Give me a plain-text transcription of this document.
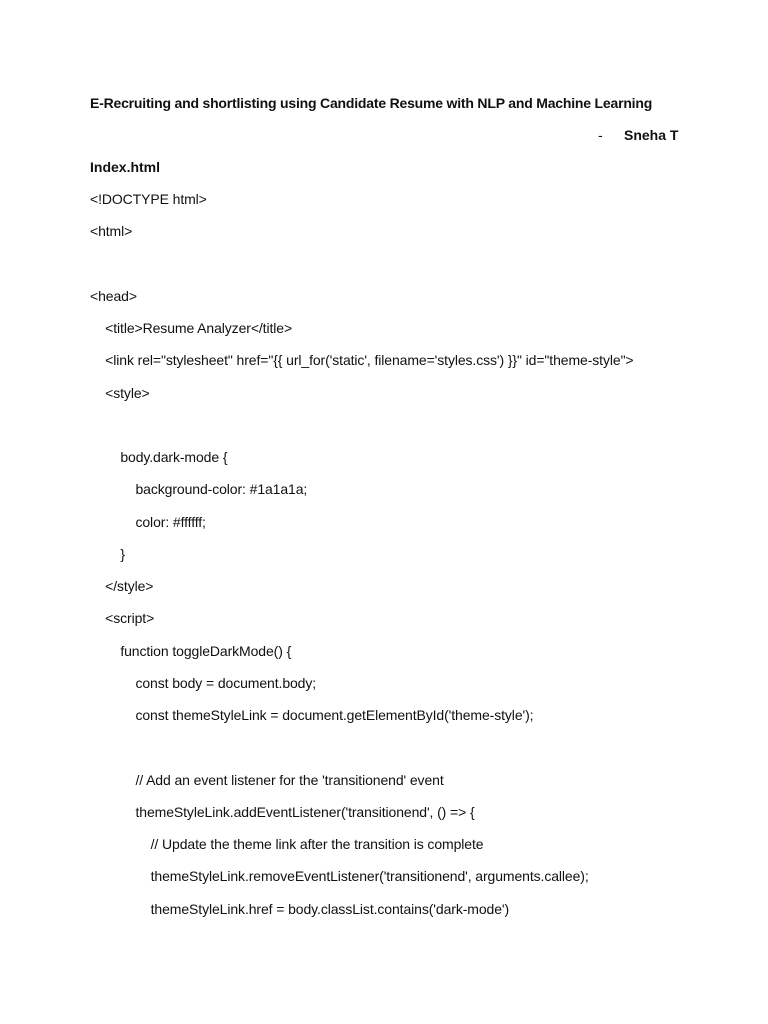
E-Recruiting and shortlisting using Candidate Resume with NLP and Machine Learning
- Sneha T
Index.html
<!DOCTYPE html>
<html>
<head>
<title>Resume Analyzer</title>
<link rel="stylesheet" href="{{ url_for('static', filename='styles.css') }}" id="theme-style">
<style>
body.dark-mode {
background-color: #1a1a1a;
color: #ffffff;
}
</style>
<script>
function toggleDarkMode() {
const body = document.body;
const themeStyleLink = document.getElementById('theme-style');
// Add an event listener for the 'transitionend' event
themeStyleLink.addEventListener('transitionend', () => {
// Update the theme link after the transition is complete
themeStyleLink.removeEventListener('transitionend', arguments.callee);
themeStyleLink.href = body.classList.contains('dark-mode')
